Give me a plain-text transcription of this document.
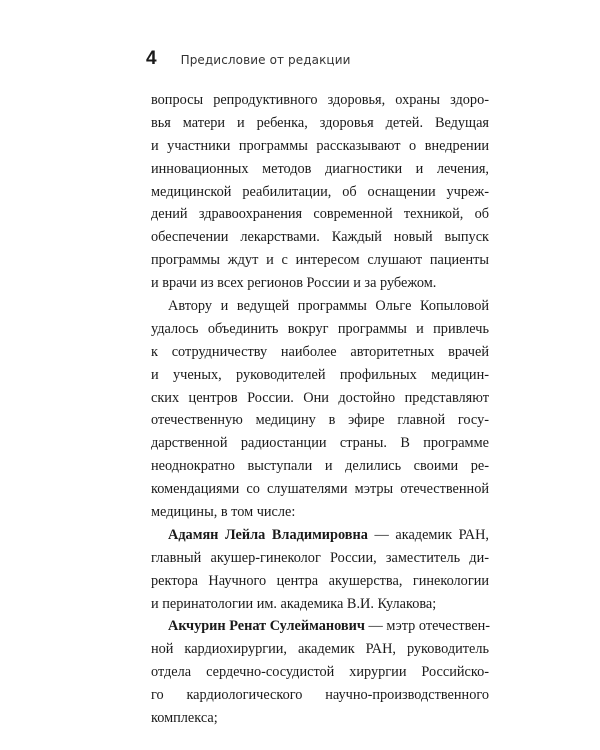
4 Предисловие от редакции
вопросы репродуктивного здоровья, охраны здоро-
вья матери и ребенка, здоровья детей. Ведущая
и участники программы рассказывают о внедрении
инновационных методов диагностики и лечения,
медицинской реабилитации, об оснащении учреж-
дений здравоохранения современной техникой, об
обеспечении лекарствами. Каждый новый выпуск
программы ждут и с интересом слушают пациенты
и врачи из всех регионов России и за рубежом.
Автору и ведущей программы Ольге Копыловой
удалось объединить вокруг программы и привлечь
к сотрудничеству наиболее авторитетных врачей
и ученых, руководителей профильных медицин-
ских центров России. Они достойно представляют
отечественную медицину в эфире главной госу-
дарственной радиостанции страны. В программе
неоднократно выступали и делились своими ре-
комендациями со слушателями мэтры отечественной
медицины, в том числе:
Адамян Лейла Владимировна — академик РАН,
главный акушер-гинеколог России, заместитель ди-
ректора Научного центра акушерства, гинекологии
и перинатологии им. академика В.И. Кулакова;
Акчурин Ренат Сулейманович — мэтр отечествен-
ной кардиохирургии, академик РАН, руководитель
отдела сердечно-сосудистой хирургии Российско-
го кардиологического научно-производственного
комплекса;
